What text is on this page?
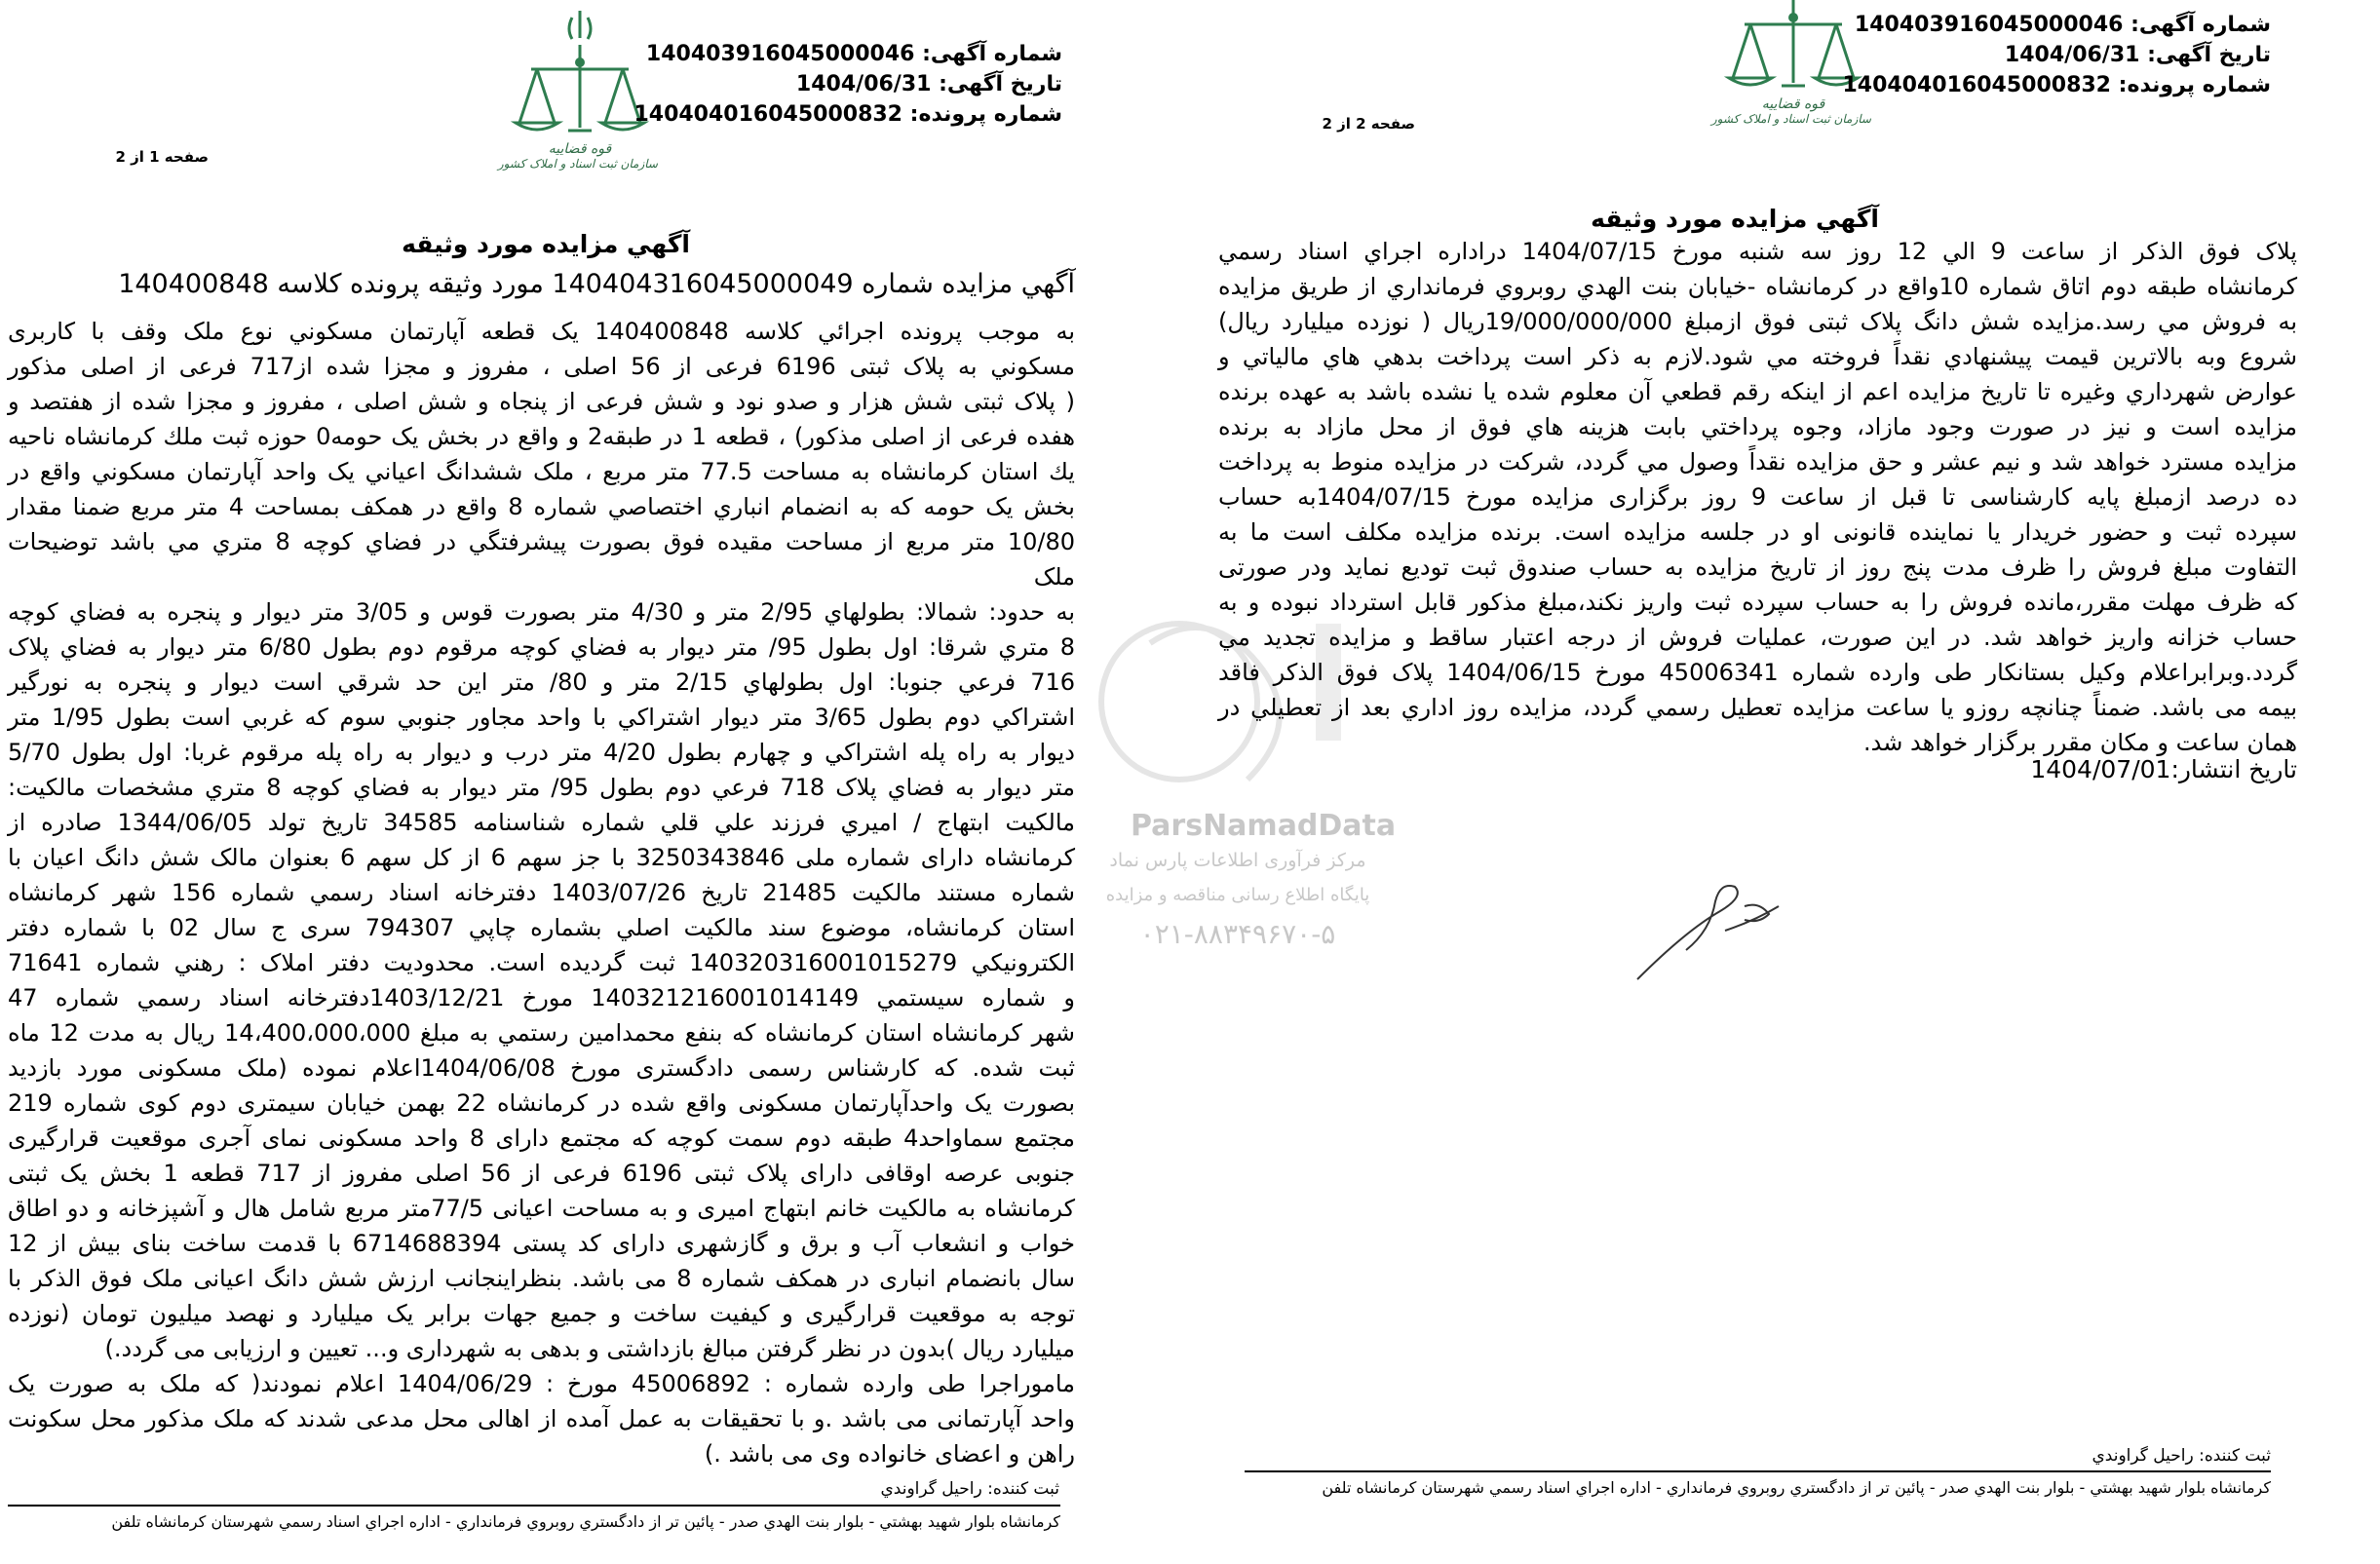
ParsNamadData
مرکز فرآوری اطلاعات پارس نماد
پایگاه اطلاع رسانی مناقصه و مزایده
۰۲۱-۸۸۳۴۹۶۷۰-۵
قوه قضاییه
سازمان ثبت اسناد و املاک کشور
شماره آگهی: 140403916045000046
تاریخ آگهی: 1404/06/31
شماره پرونده: 140404016045000832
صفحه 1 از 2
آگهي مزايده مورد وثيقه
آگهي مزايده شماره 140404316045000049 مورد وثيقه پرونده كلاسه 140400848
به موجب پرونده اجرائي كلاسه 140400848 یک قطعه آپارتمان مسكوني نوع ملک وقف با کاربری
مسكوني به پلاک ثبتی 6196 فرعی از 56 اصلی ، مفروز و مجزا شده از717 فرعی از اصلی مذکور
( پلاک ثبتی شش هزار و صدو نود و شش فرعی از پنجاه و شش اصلی ، مفروز و مجزا شده از هفتصد و
هفده فرعی از اصلی مذکور) ، قطعه 1 در طبقه2 و واقع در بخش یک حومه0 حوزه ثبت ملك كرمانشاه ناحيه
يك استان كرمانشاه به مساحت 77.5 متر مربع ، ملک ششدانگ اعياني یک واحد آپارتمان مسكوني واقع در
بخش یک حومه كه به انضمام انباري اختصاصي شماره 8 واقع در همكف بمساحت 4 متر مربع ضمنا مقدار
10/80 متر مربع از مساحت مقيده فوق بصورت پيشرفتگي در فضاي كوچه 8 متري مي باشد توضيحات
ملک
به حدود: شمالا: بطولهاي 2/95 متر و 4/30 متر بصورت قوس و 3/05 متر ديوار و پنجره به فضاي كوچه
8 متري شرقا: اول بطول 95/ متر ديوار به فضاي كوچه مرقوم دوم بطول 6/80 متر ديوار به فضاي پلاک
716 فرعي جنوبا: اول بطولهاي 2/15 متر و 80/ متر اين حد شرقي است ديوار و پنجره به نورگير
اشتراكي دوم بطول 3/65 متر ديوار اشتراكي با واحد مجاور جنوبي سوم كه غربي است بطول 1/95 متر
ديوار به راه پله اشتراكي و چهارم بطول 4/20 متر درب و ديوار به راه پله مرقوم غربا: اول بطول 5/70
متر ديوار به فضاي پلاک 718 فرعي دوم بطول 95/ متر ديوار به فضاي كوچه 8 متري مشخصات مالكيت:
مالكيت ابتهاج / اميري فرزند علي قلي شماره شناسنامه 34585 تاريخ تولد 1344/06/05 صادره از
كرمانشاه دارای شماره ملی 3250343846 با جز سهم 6 از کل سهم 6 بعنوان مالک شش دانگ اعيان با
شماره مستند مالكيت 21485 تاريخ 1403/07/26 دفترخانه اسناد رسمي شماره 156 شهر كرمانشاه
استان كرمانشاه، موضوع سند مالكيت اصلي بشماره چاپي 794307 سری ج سال 02 با شماره دفتر
الكترونيكي 140320316001015279 ثبت گرديده است. محدوديت دفتر املاک : رهني شماره 71641
و شماره سيستمي 140321216001014149 مورخ 1403/12/21دفترخانه اسناد رسمي شماره 47
شهر كرمانشاه استان كرمانشاه كه بنفع محمدامين رستمي به مبلغ 14،400،000،000 ريال به مدت 12 ماه
ثبت شده. که کارشناس رسمی دادگستری مورخ 1404/06/08اعلام نموده (ملک مسکونی مورد بازدید
بصورت یک واحدآپارتمان مسکونی واقع شده در کرمانشاه 22 بهمن خیابان سیمتری دوم کوی شماره 219
مجتمع سماواحد4 طبقه دوم سمت کوچه که مجتمع دارای 8 واحد مسکونی نمای آجری موقعیت قرارگیری
جنوبی عرصه اوقافی دارای پلاک ثبتی 6196 فرعی از 56 اصلی مفروز از 717 قطعه 1 بخش یک ثبتی
کرمانشاه به مالکیت خانم ابتهاج امیری و به مساحت اعیانی 77/5متر مربع شامل هال و آشپزخانه و دو اطاق
خواب و انشعاب آب و برق و گازشهری دارای کد پستی 6714688394 با قدمت ساخت بنای بیش از 12
سال بانضمام انباری در همکف شماره 8 می باشد. بنظراینجانب ارزش شش دانگ اعیانی ملک فوق الذکر با
توجه به موقعیت قرارگیری و کیفیت ساخت و جمیع جهات برابر یک میلیارد و نهصد میلیون تومان (نوزده
میلیارد ریال )بدون در نظر گرفتن مبالغ بازداشتی و بدهی به شهرداری و... تعیین و ارزیابی می گردد.)
ماموراجرا طی وارده شماره : 45006892 مورخ : 1404/06/29 اعلام نمودند( که ملک به صورت یک
واحد آپارتمانی می باشد .و با تحقیقات به عمل آمده از اهالی محل مدعی شدند که ملک مذکور محل سکونت
راهن و اعضای خانواده وی می باشد .)
ثبت کننده: راحیل گراوندي
كرمانشاه بلوار شهيد بهشتي - بلوار بنت الهدي صدر - پائين تر از دادگستري روبروي فرمانداري - اداره اجراي اسناد رسمي شهرستان كرمانشاه تلفن
قوه قضاییه
سازمان ثبت اسناد و املاک کشور
شماره آگهی: 140403916045000046
تاریخ آگهی: 1404/06/31
شماره پرونده: 140404016045000832
صفحه 2 از 2
آگهي مزايده مورد وثيقه
پلاک فوق الذكر از ساعت 9 الي 12 روز سه شنبه مورخ 1404/07/15 دراداره اجراي اسناد رسمي
كرمانشاه طبقه دوم اتاق شماره 10واقع در كرمانشاه -خيابان بنت الهدي روبروي فرمانداري از طريق مزايده
به فروش مي رسد.مزايده شش دانگ پلاک ثبتی فوق ازمبلغ 19/000/000/000ريال ( نوزده ميليارد ريال)
شروع وبه بالاترين قيمت پيشنهادي نقداً فروخته مي شود.لازم به ذكر است پرداخت بدهي هاي مالياتي و
عوارض شهرداري وغيره تا تاريخ مزايده اعم از اينكه رقم قطعي آن معلوم شده يا نشده باشد به عهده برنده
مزايده است و نيز در صورت وجود مازاد، وجوه پرداختي بابت هزينه هاي فوق از محل مازاد به برنده
مزايده مسترد خواهد شد و نيم عشر و حق مزايده نقداً وصول مي گردد، شركت در مزايده منوط به پرداخت
ده درصد ازمبلغ پايه كارشناسی تا قبل از ساعت 9 روز برگزاری مزايده مورخ 1404/07/15به حساب
سپرده ثبت و حضور خريدار يا نماينده قانونی او در جلسه مزايده است. برنده مزايده مكلف است ما به
التفاوت مبلغ فروش را ظرف مدت پنج روز از تاريخ مزايده به حساب صندوق ثبت توديع نمايد ودر صورتی
كه ظرف مهلت مقرر،مانده فروش را به حساب سپرده ثبت واريز نكند،مبلغ مذكور قابل استرداد نبوده و به
حساب خزانه واريز خواهد شد. در اين صورت، عمليات فروش از درجه اعتبار ساقط و مزايده تجديد مي
گردد.وبرابراعلام وكيل بستانكار طی وارده شماره 45006341 مورخ 1404/06/15 پلاک فوق الذكر فاقد
بيمه می باشد. ضمناً چنانچه روزو يا ساعت مزايده تعطيل رسمي گردد، مزايده روز اداري بعد از تعطيلي در
همان ساعت و مكان مقرر برگزار خواهد شد.
تاريخ انتشار:1404/07/01
ثبت کننده: راحیل گراوندي
كرمانشاه بلوار شهيد بهشتي - بلوار بنت الهدي صدر - پائين تر از دادگستري روبروي فرمانداري - اداره اجراي اسناد رسمي شهرستان كرمانشاه تلفن
